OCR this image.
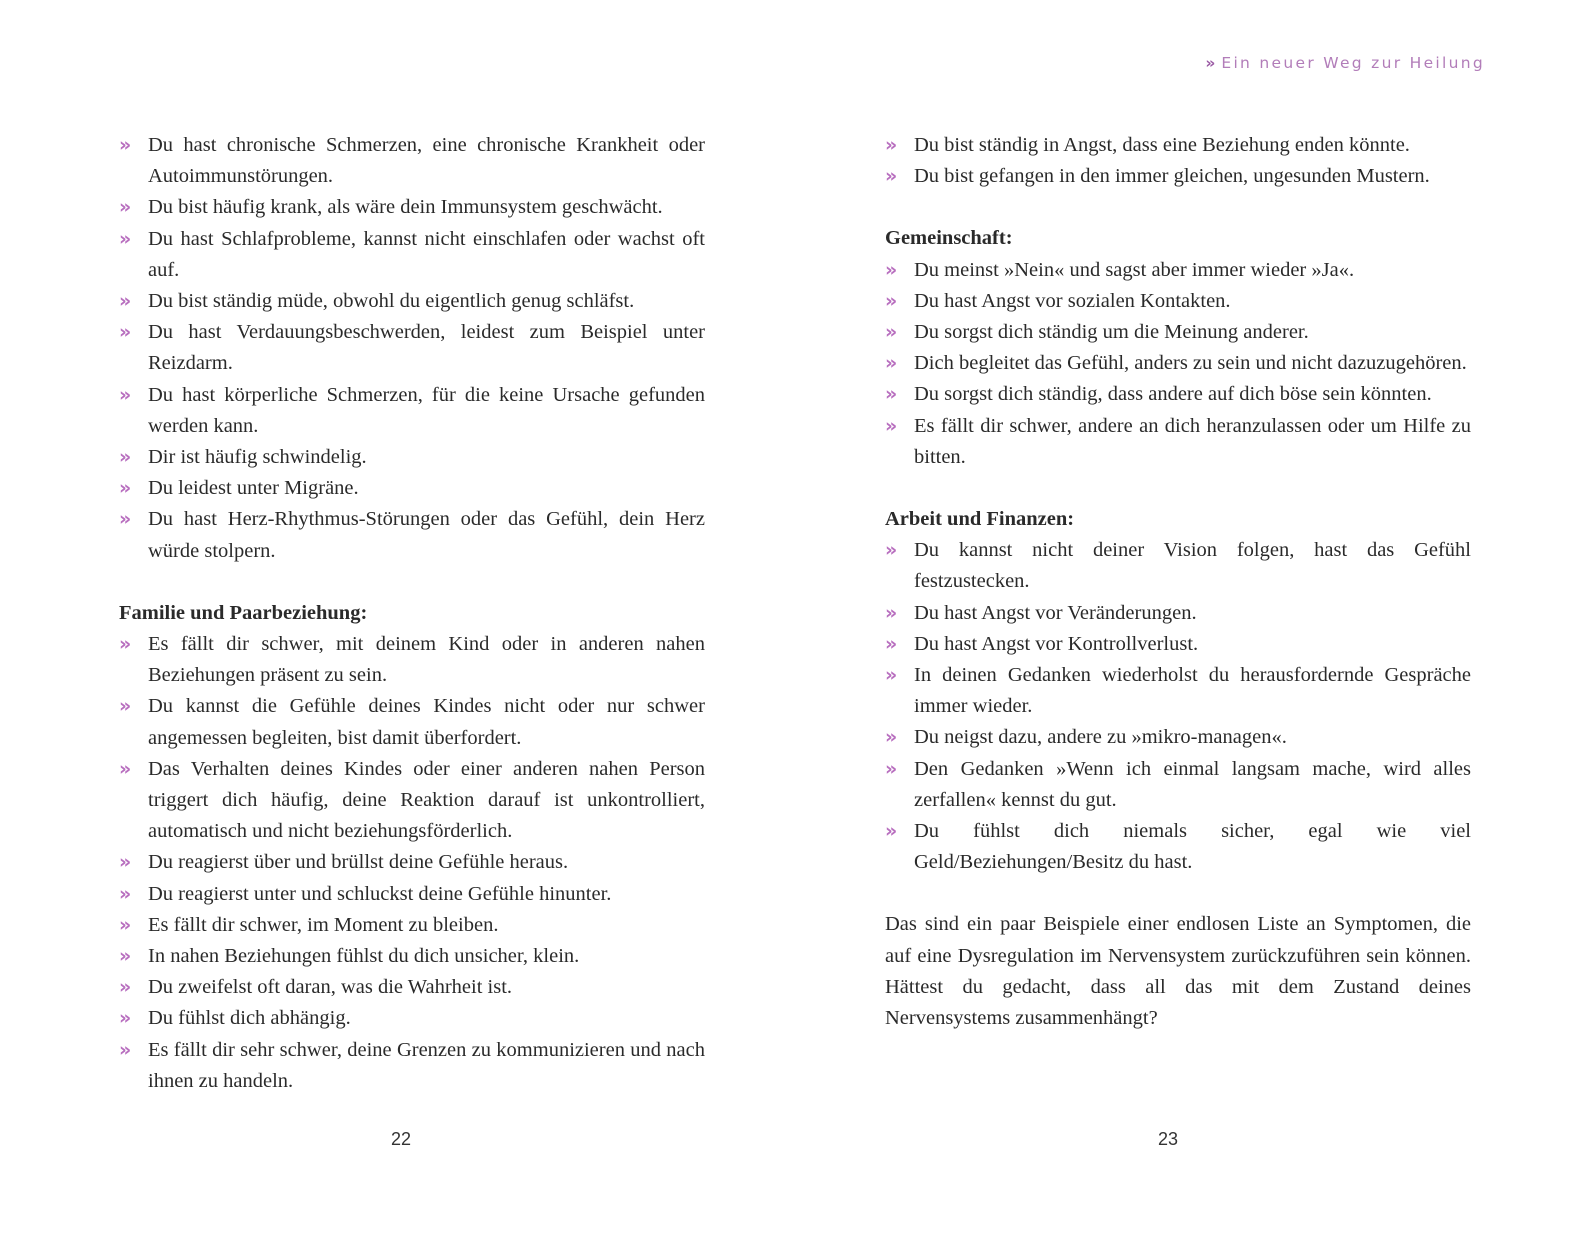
» Du hast chronische Schmerzen, eine chronische Krankheit oder Autoimmunstörungen.
» Du bist häufig krank, als wäre dein Immunsystem geschwächt.
» Du hast Schlafprobleme, kannst nicht einschlafen oder wachst oft auf.
» Du bist ständig müde, obwohl du eigentlich genug schläfst.
» Du hast Verdauungsbeschwerden, leidest zum Beispiel unter Reizdarm.
» Du hast körperliche Schmerzen, für die keine Ursache gefunden werden kann.
» Dir ist häufig schwindelig.
» Du leidest unter Migräne.
» Du hast Herz-Rhythmus-Störungen oder das Gefühl, dein Herz würde stolpern.

Familie und Paarbeziehung:

» Es fällt dir schwer, mit deinem Kind oder in anderen nahen Beziehungen präsent zu sein.
» Du kannst die Gefühle deines Kindes nicht oder nur schwer angemessen begleiten, bist damit überfordert.
» Das Verhalten deines Kindes oder einer anderen nahen Person triggert dich häufig, deine Reaktion darauf ist unkontrolliert, automatisch und nicht beziehungsförderlich.
» Du reagierst über und brüllst deine Gefühle heraus.
» Du reagierst unter und schluckst deine Gefühle hinunter.
» Es fällt dir schwer, im Moment zu bleiben.
» In nahen Beziehungen fühlst du dich unsicher, klein.
» Du zweifelst oft daran, was die Wahrheit ist.
» Du fühlst dich abhängig.
» Es fällt dir sehr schwer, deine Grenzen zu kommunizieren und nach ihnen zu handeln.
22
» Ein neuer Weg zur Heilung
» Du bist ständig in Angst, dass eine Beziehung enden könnte.
» Du bist gefangen in den immer gleichen, ungesunden Mustern.

Gemeinschaft:

» Du meinst »Nein« und sagst aber immer wieder »Ja«.
» Du hast Angst vor sozialen Kontakten.
» Du sorgst dich ständig um die Meinung anderer.
» Dich begleitet das Gefühl, anders zu sein und nicht dazuzugehören.
» Du sorgst dich ständig, dass andere auf dich böse sein könnten.
» Es fällt dir schwer, andere an dich heranzulassen oder um Hilfe zu bitten.

Arbeit und Finanzen:

» Du kannst nicht deiner Vision folgen, hast das Gefühl festzustecken.
» Du hast Angst vor Veränderungen.
» Du hast Angst vor Kontrollverlust.
» In deinen Gedanken wiederholst du herausfordernde Gespräche immer wieder.
» Du neigst dazu, andere zu »mikro-managen«.
» Den Gedanken »Wenn ich einmal langsam mache, wird alles zerfallen« kennst du gut.
» Du fühlst dich niemals sicher, egal wie viel Geld/Beziehungen/Besitz du hast.

Das sind ein paar Beispiele einer endlosen Liste an Symptomen, die auf eine Dysregulation im Nervensystem zurückzuführen sein können. Hättest du gedacht, dass all das mit dem Zustand deines Nervensystems zusammenhängt?

23
